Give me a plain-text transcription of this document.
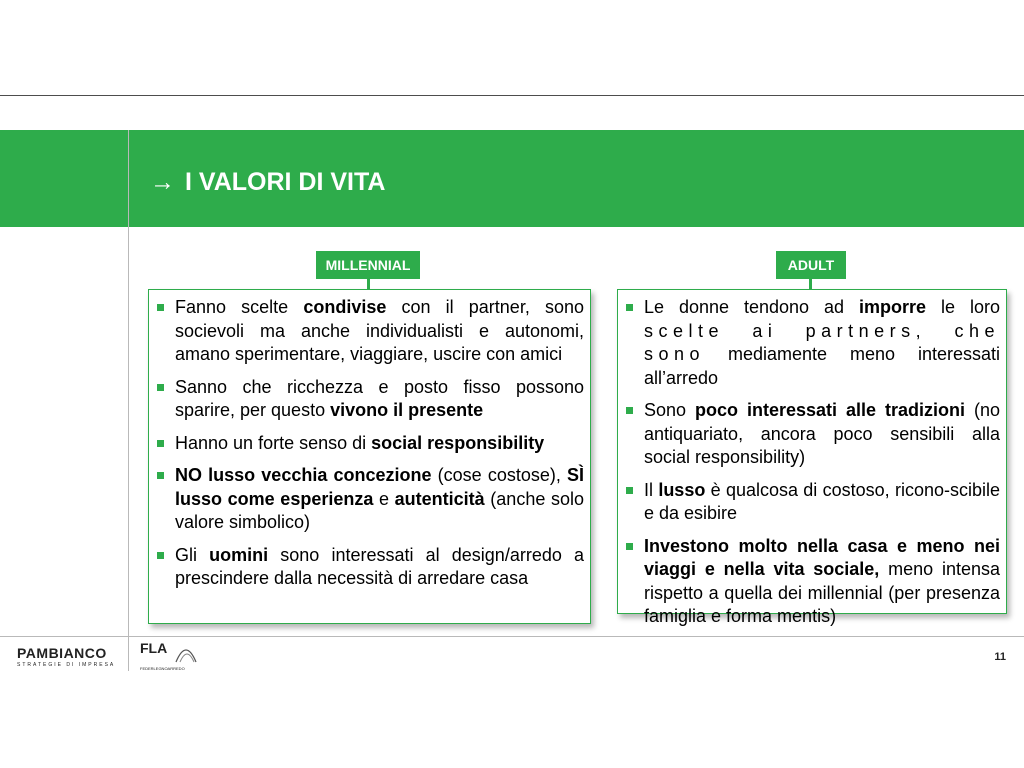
→ I VALORI DI VITA
MILLENNIAL
Fanno scelte condivise con il partner, sono socievoli ma anche individualisti e autonomi, amano sperimentare, viaggiare, uscire con amici
Sanno che ricchezza e posto fisso possono sparire, per questo vivono il presente
Hanno un forte senso di social responsibility
NO lusso vecchia concezione (cose costose), SÌ lusso come esperienza e autenticità (anche solo valore simbolico)
Gli uomini sono interessati al design/arredo a prescindere dalla necessità di arredare casa
ADULT
Le donne tendono ad imporre le loro scelte ai partners, che sono mediamente meno interessati all’arredo
Sono poco interessati alle tradizioni (no antiquariato, ancora poco sensibili alla social responsibility)
Il lusso è qualcosa di costoso, ricono-scibile e da esibire
Investono molto nella casa e meno nei viaggi e nella vita sociale, meno intensa rispetto a quella dei millennial (per presenza famiglia e forma mentis)
PAMBIANCO
STRATEGIE DI IMPRESA
FLA
FEDERLEGNOARREDO
11
